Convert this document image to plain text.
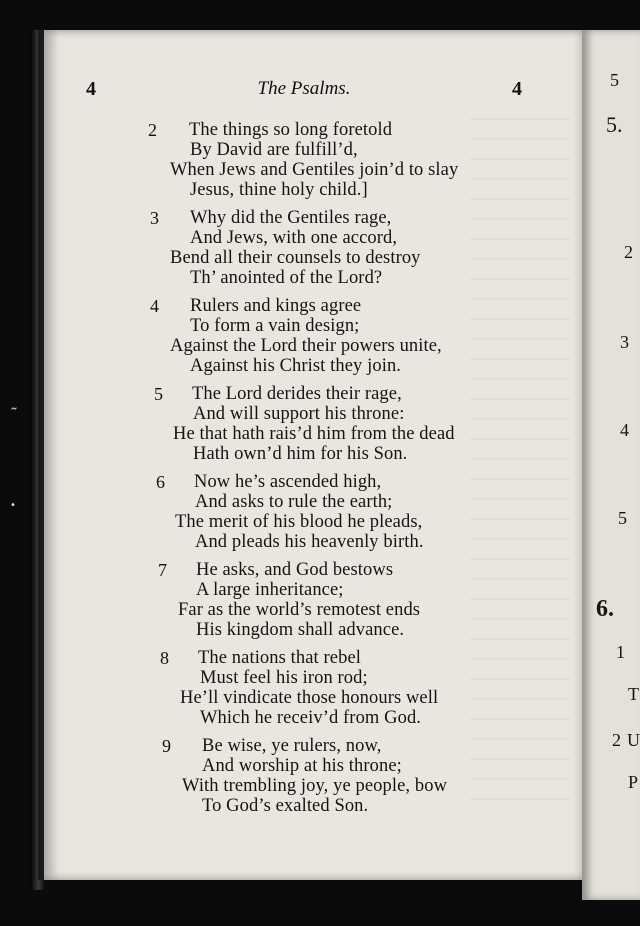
4	The Psalms.	4
2 The things so long foretold
By David are fulfill’d,
When Jews and Gentiles join’d to slay
Jesus, thine holy child.]
3 Why did the Gentiles rage,
And Jews, with one accord,
Bend all their counsels to destroy
Th’ anointed of the Lord?
4 Rulers and kings agree
To form a vain design;
Against the Lord their powers unite,
Against his Christ they join.
5 The Lord derides their rage,
And will support his throne:
He that hath rais’d him from the dead
Hath own’d him for his Son.
6 Now he’s ascended high,
And asks to rule the earth;
The merit of his blood he pleads,
And pleads his heavenly birth.
7 He asks, and God bestows
A large inheritance;
Far as the world’s remotest ends
His kingdom shall advance.
8 The nations that rebel
Must feel his iron rod;
He’ll vindicate those honours well
Which he receiv’d from God.
9 Be wise, ye rulers, now,
And worship at his throne;
With trembling joy, ye people, bow
To God’s exalted Son.
5
5.
2
3
4
5
6.
1
T
2 U
P
˜
•
